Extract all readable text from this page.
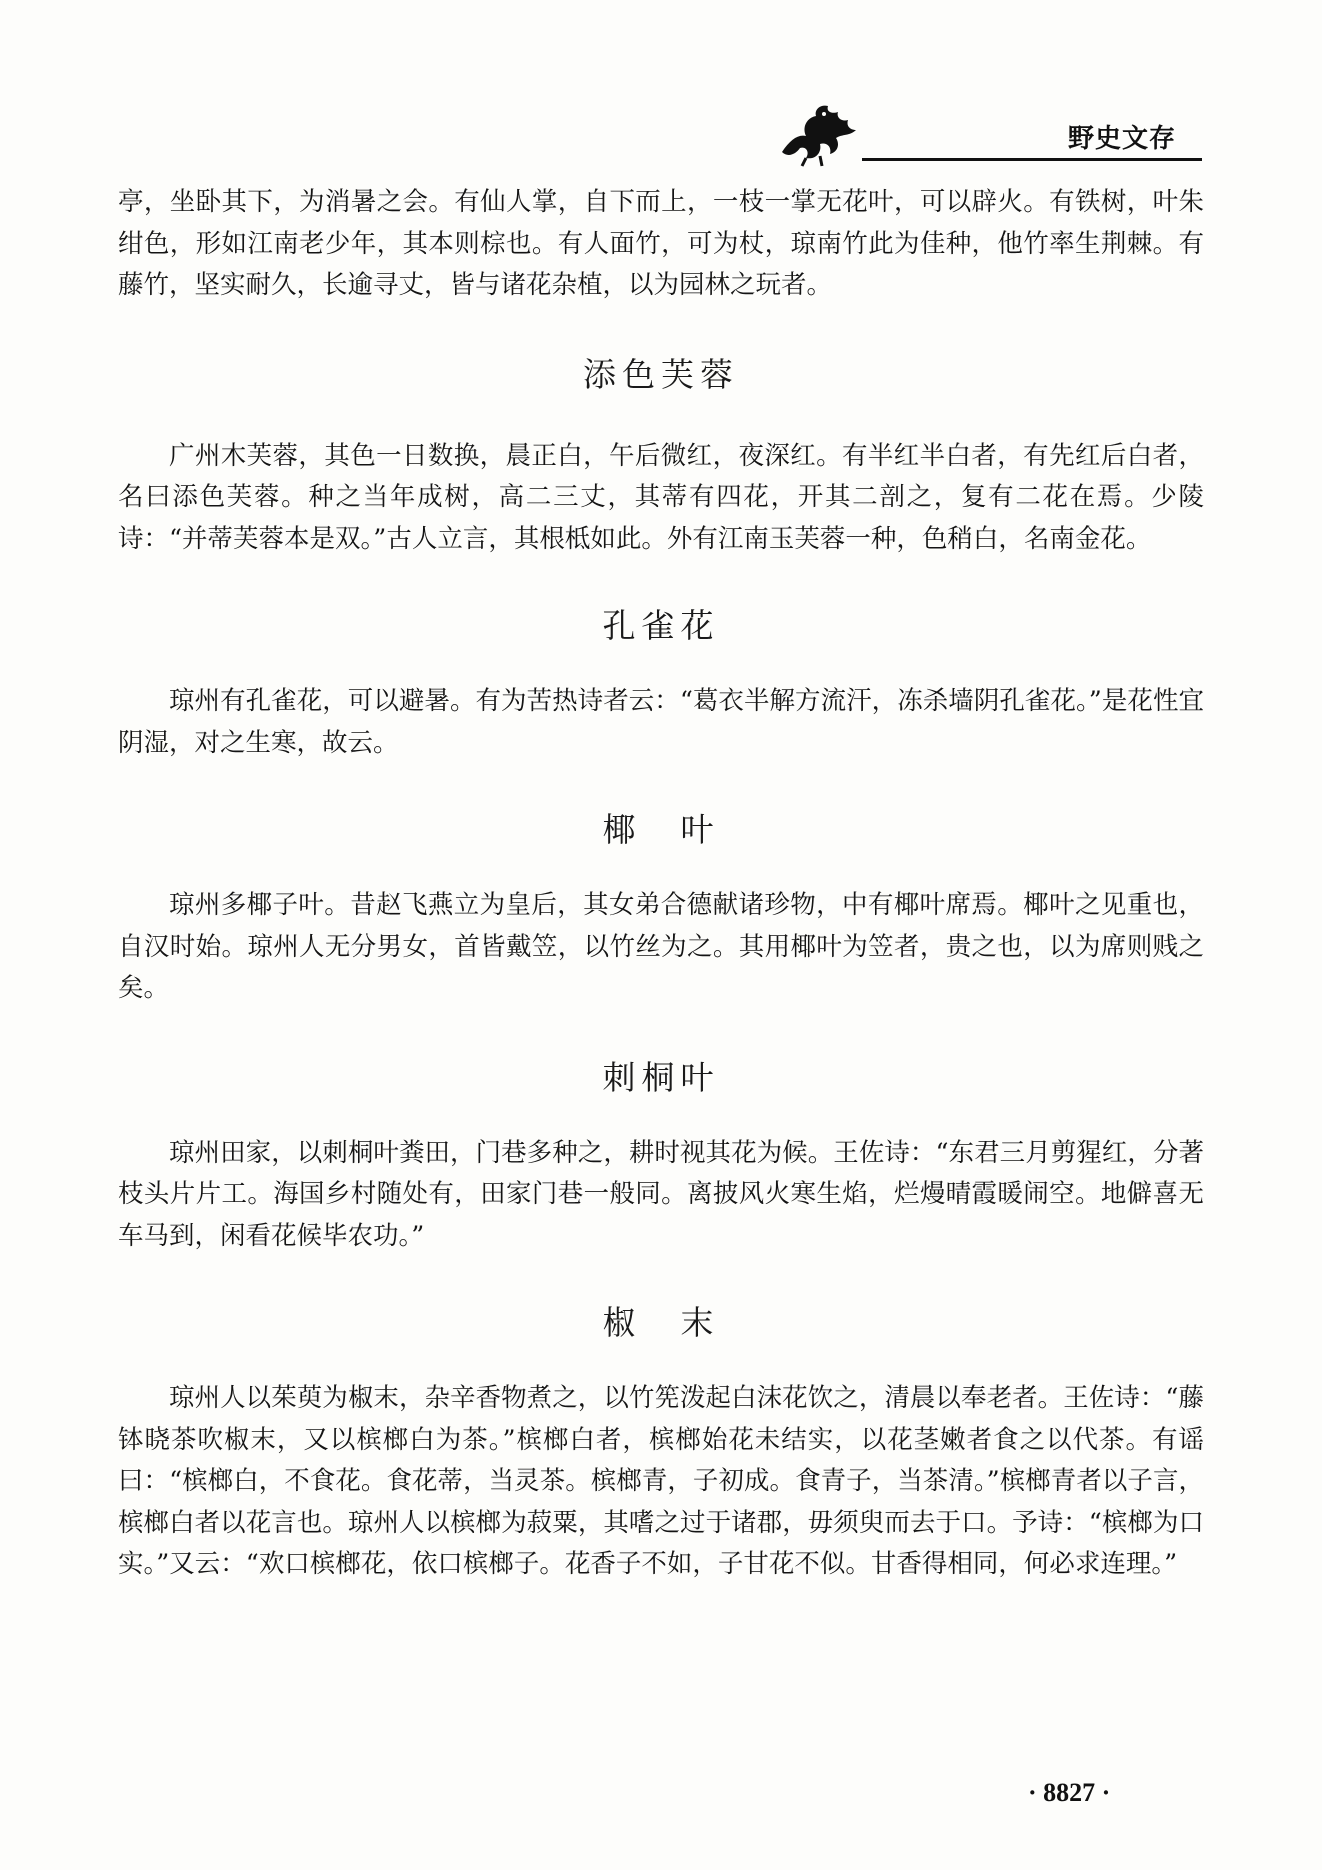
野史文存

亭，坐卧其下，为消暑之会。有仙人掌，自下而上，一枝一掌无花叶，可以辟火。有铁树，叶朱绀色，形如江南老少年，其本则棕也。有人面竹，可为杖，琼南竹此为佳种，他竹率生荆棘。有藤竹，坚实耐久，长逾寻丈，皆与诸花杂植，以为园林之玩者。

添色芙蓉

广州木芙蓉，其色一日数换，晨正白，午后微红，夜深红。有半红半白者，有先红后白者，名曰添色芙蓉。种之当年成树，高二三丈，其蒂有四花，开其二剖之，复有二花在焉。少陵诗：“并蒂芙蓉本是双。”古人立言，其根柢如此。外有江南玉芙蓉一种，色稍白，名南金花。

孔雀花

琼州有孔雀花，可以避暑。有为苦热诗者云：“葛衣半解方流汗，冻杀墙阴孔雀花。”是花性宜阴湿，对之生寒，故云。

椰　叶

琼州多椰子叶。昔赵飞燕立为皇后，其女弟合德献诸珍物，中有椰叶席焉。椰叶之见重也，自汉时始。琼州人无分男女，首皆戴笠，以竹丝为之。其用椰叶为笠者，贵之也，以为席则贱之矣。

刺桐叶

琼州田家，以刺桐叶粪田，门巷多种之，耕时视其花为候。王佐诗：“东君三月剪猩红，分著枝头片片工。海国乡村随处有，田家门巷一般同。离披风火寒生焰，烂熳晴霞暖闹空。地僻喜无车马到，闲看花候毕农功。”

椒　末

琼州人以茱萸为椒末，杂辛香物煮之，以竹筅泼起白沫花饮之，清晨以奉老者。王佐诗：“藤钵晓茶吹椒末，又以槟榔白为茶。”槟榔白者，槟榔始花未结实，以花茎嫩者食之以代茶。有谣曰：“槟榔白，不食花。食花蒂，当灵茶。槟榔青，子初成。食青子，当茶清。”槟榔青者以子言，槟榔白者以花言也。琼州人以槟榔为菽粟，其嗜之过于诸郡，毋须臾而去于口。予诗：“槟榔为口实。”又云：“欢口槟榔花，依口槟榔子。花香子不如，子甘花不似。甘香得相同，何必求连理。”

· 8827 ·
